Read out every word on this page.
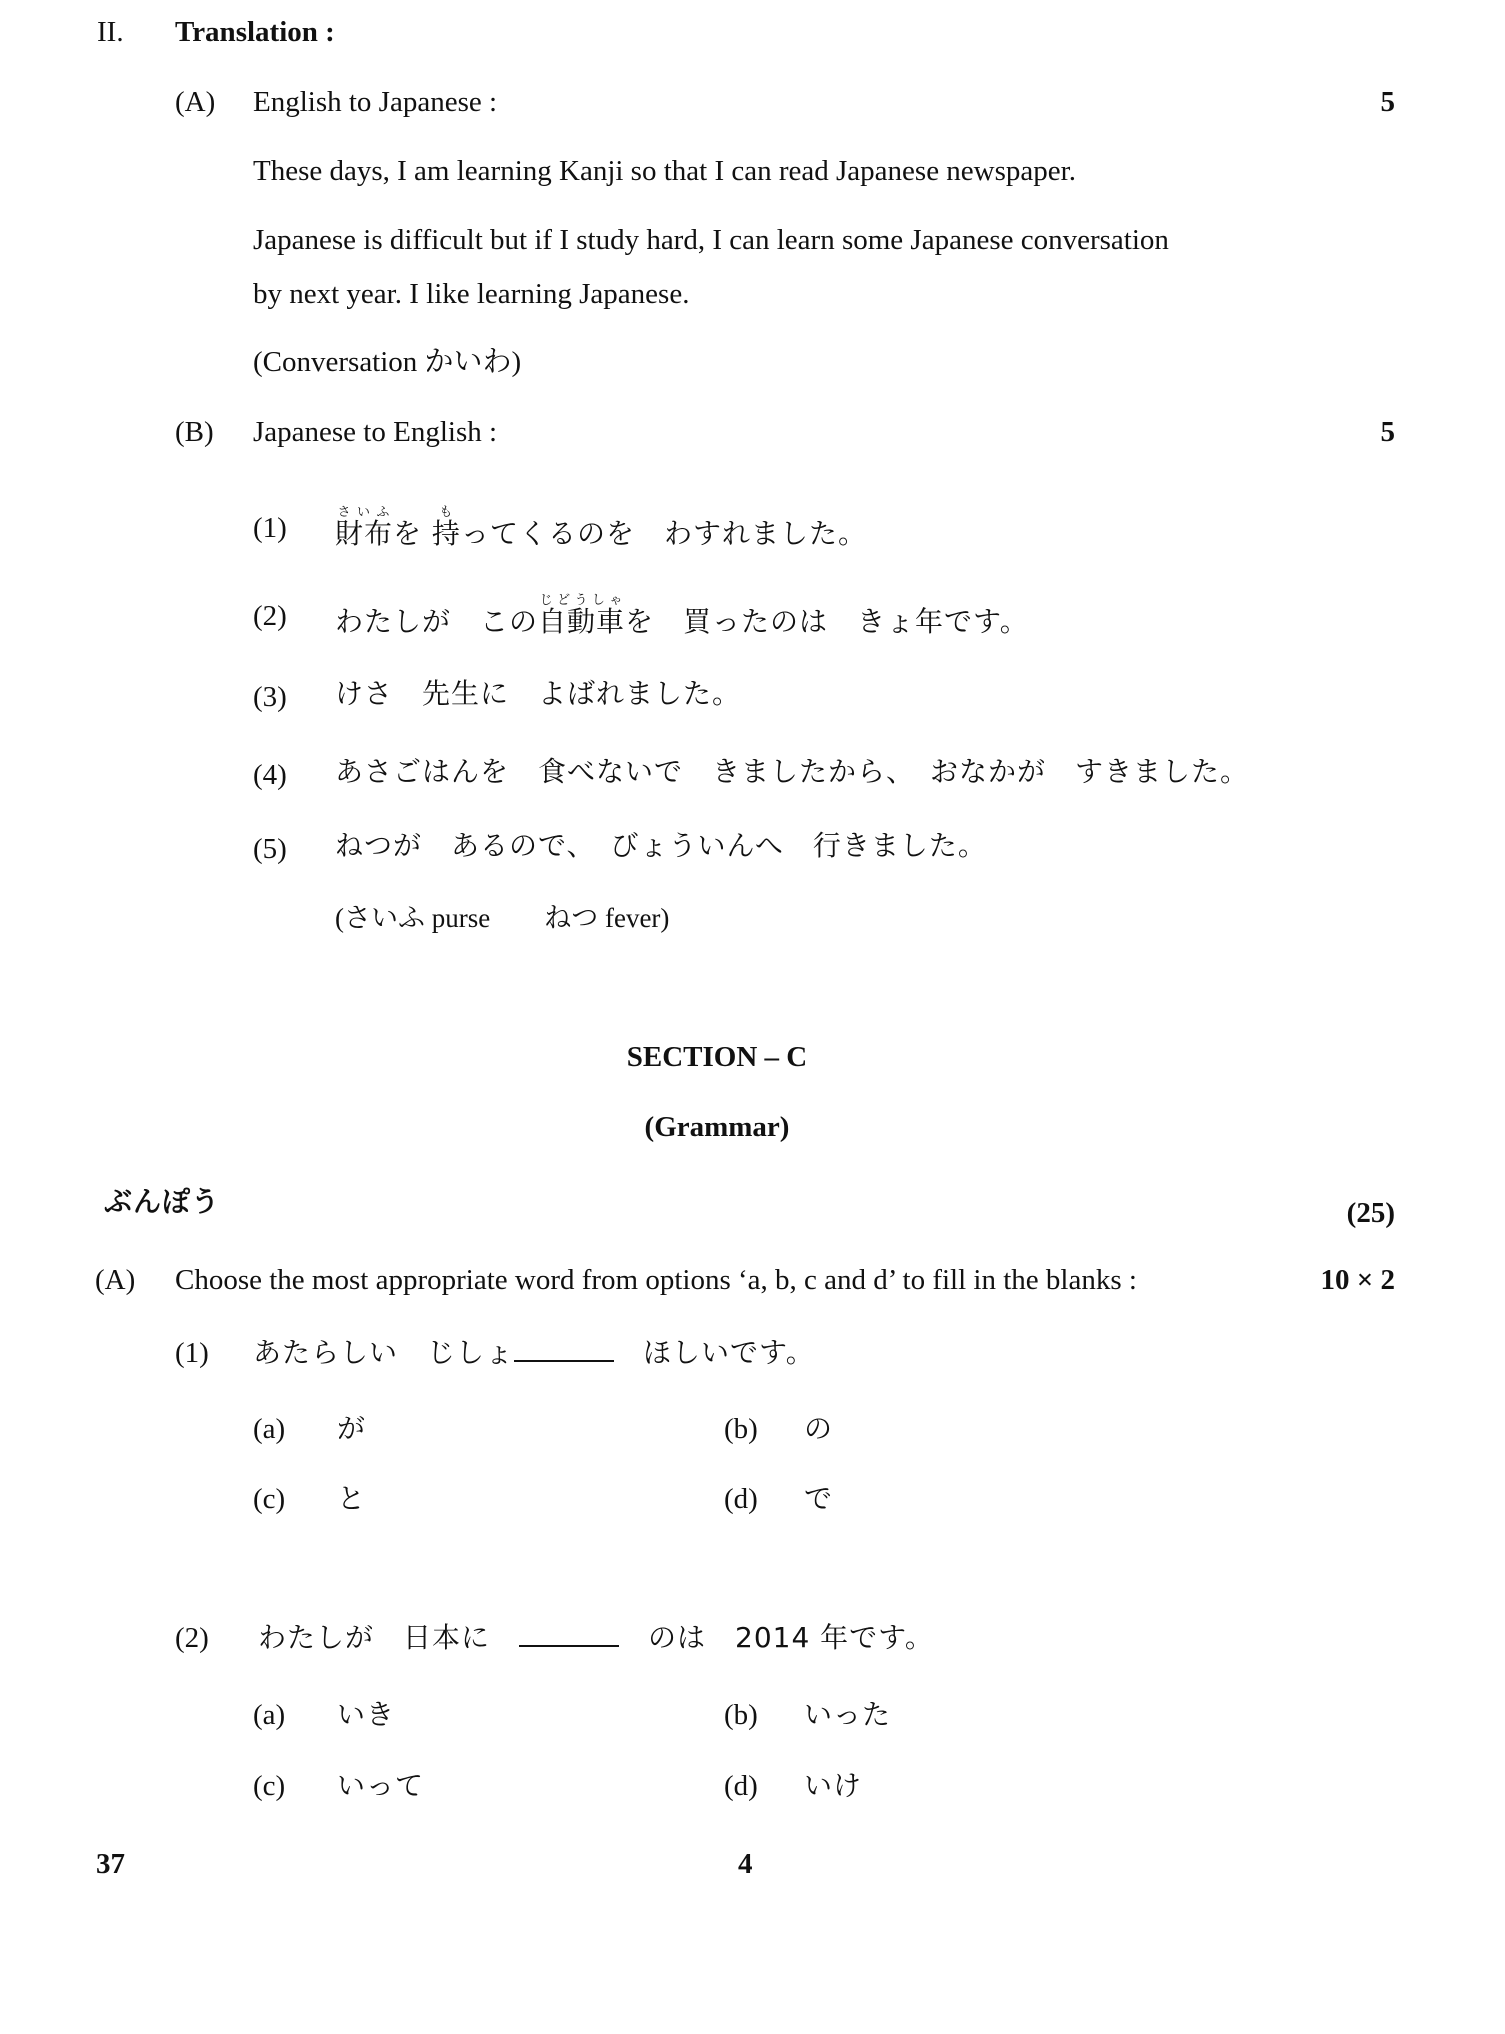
II. Translation :
(A) English to Japanese :	5
These days, I am learning Kanji so that I can read Japanese newspaper.
Japanese is difficult but if I study hard, I can learn some Japanese conversation
by next year. I like learning Japanese.
(Conversation かいわ)
(B) Japanese to English :	5
(1) 財布さいふを 持もってくるのを　わすれました。
(2) わたしが　この自動車じどうしゃを　買ったのは　きょ年です。
(3) けさ　先生に　よばれました。
(4) あさごはんを　食べないで　きましたから、　おなかが　すきました。
(5) ねつが　あるので、　びょういんへ　行きました。
(さいふ purse　　ねつ fever)
SECTION – C
(Grammar)
ぶんぽう	(25)
(A) Choose the most appropriate word from options ‘a, b, c and d’ to fill in the blanks :	10 × 2
(1) あたらしい　じしょ	　ほしいです。
(a) が	(b) の
(c) と	(d) で
(2) わたしが　日本に　	　のは　2014 年です。
(a) いき	(b) いった
(c) いって	(d) いけ
37	4
